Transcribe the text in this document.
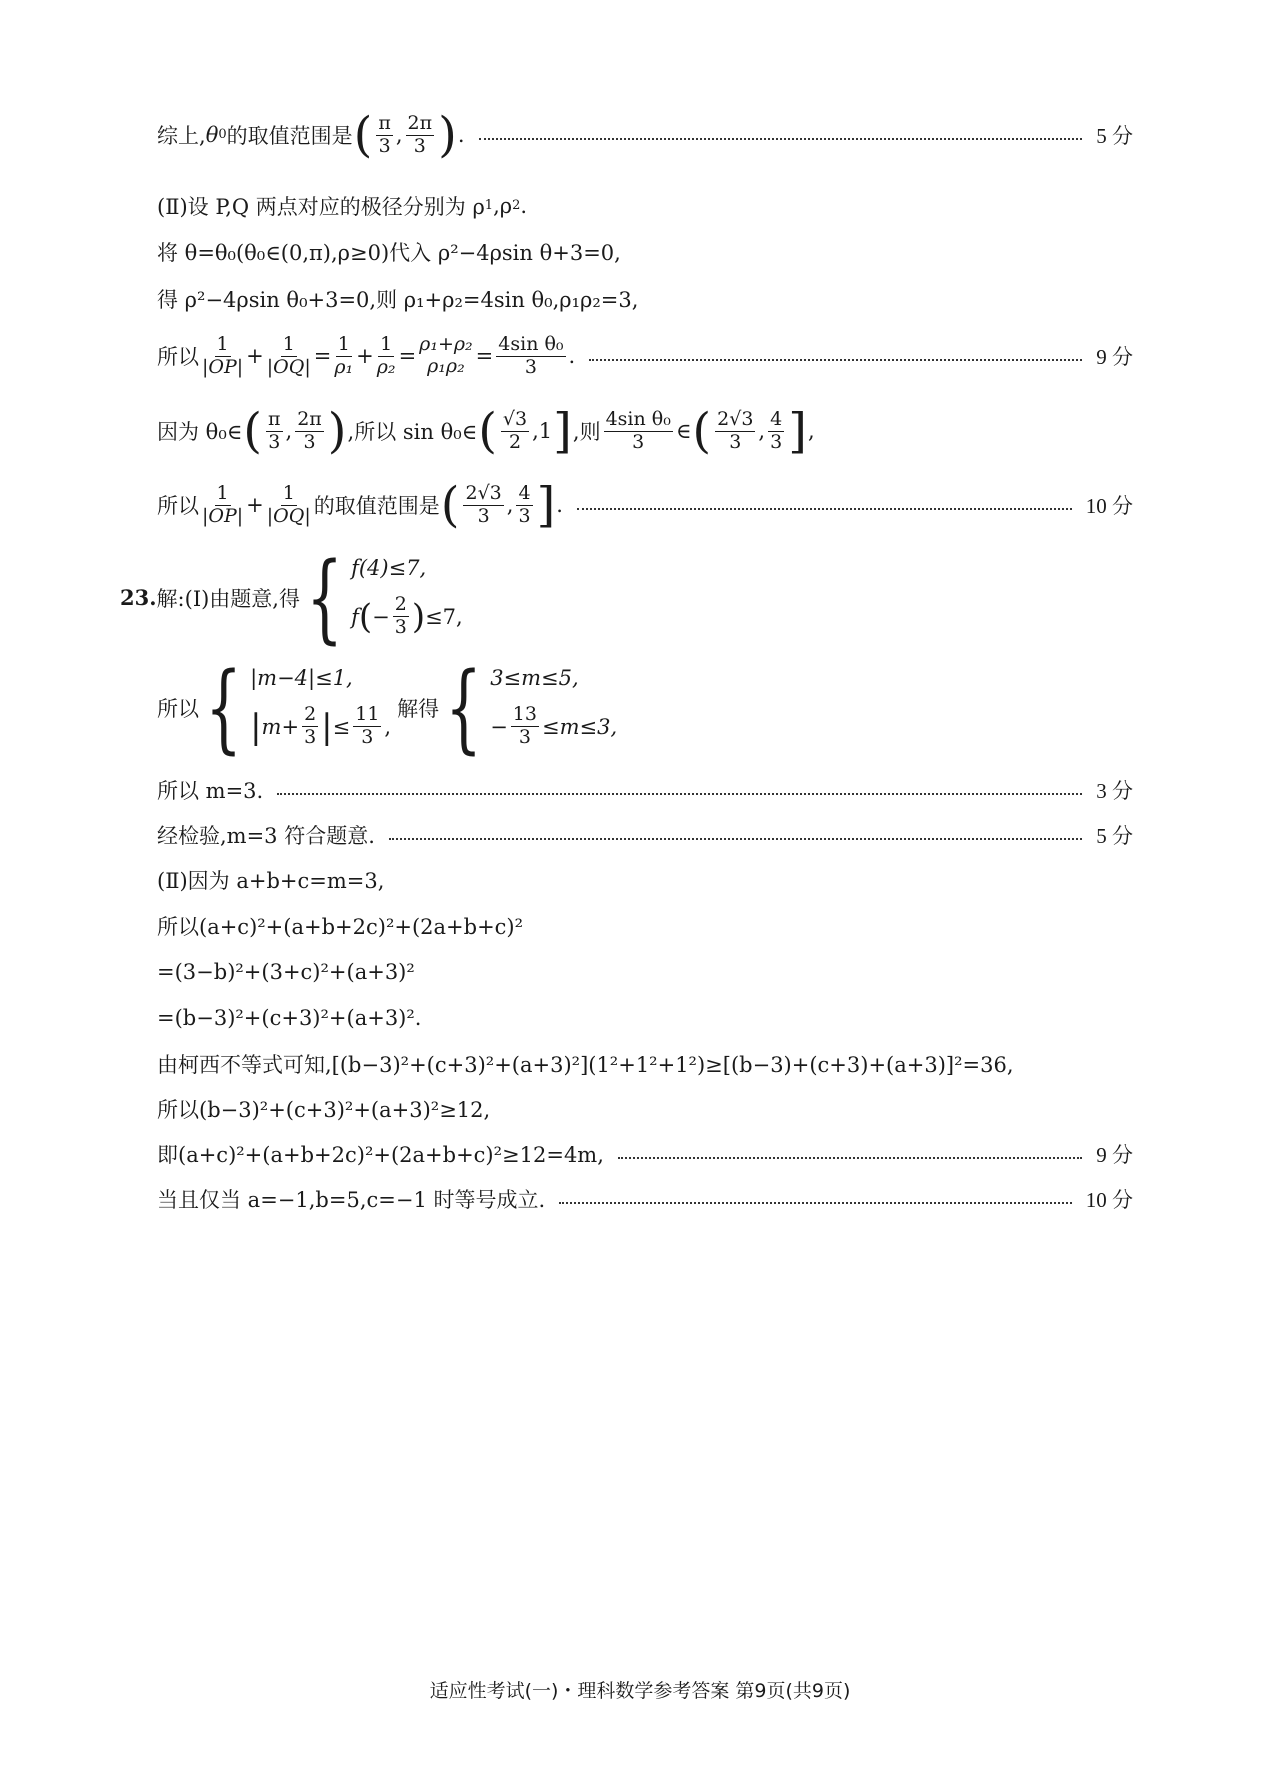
综上, θ 0 的取值范围是 ( $\frac{\pi}{3}$ , $\frac{2\pi}{3}$ ) .	5 分
(Ⅱ)设 P,Q 两点对应的极径分别为 ρ 1 ,ρ 2 .
将 θ=θ₀(θ₀∈(0,π),ρ≥0)代入 ρ²−4ρsin θ+3=0,
得 ρ²−4ρsin θ₀+3=0,则 ρ₁+ρ₂=4sin θ₀,ρ₁ρ₂=3,
所以 $\frac{1}{|OP|} + \frac{1}{|OQ|} = \frac{1}{\text{ρ₁}} + \frac{1}{\text{ρ₂}} = \rho_1+\rho_2$
$\rho_1\rho_2 = \frac{\text{4sin θ₀}}{3}$ .	9 分
因为 θ₀∈ ( $\frac{\pi}{3}$ , $\frac{2\pi}{3}$ ) ,所以 sin θ₀∈ ( $\frac{√3}{2} ,1$ ] ,则 $\frac{\text{4sin θ₀}}{3}$ ∈ ( $\frac{2√3}{3}$ , $\frac{4}{3}$ ] ,
所以 $\frac{1}{|OP|} + \frac{1}{|OQ|}$ 的取值范围是 ( $\frac{2√3}{3}$ , $\frac{4}{3}$ ] .	10 分
23. 解:(Ⅰ)由题意,得 { f(4)≤7,
f ( − $\frac{2}{3}$ ) ≤7,
所以 { |m−4|≤1,
| $m+ \frac{2}{3}$ | ≤ $\frac{11}{3}$ ,
解得 { 3≤m≤5,
− $\frac{13}{3} \le m\le 3$,
所以 m=3.	3 分
经检验,m=3 符合题意.	5 分
(Ⅱ)因为 a+b+c=m=3,
所以(a+c)²+(a+b+2c)²+(2a+b+c)²
=(3−b)²+(3+c)²+(a+3)²
=(b−3)²+(c+3)²+(a+3)².
由柯西不等式可知,[(b−3)²+(c+3)²+(a+3)²](1²+1²+1²)≥[(b−3)+(c+3)+(a+3)]²=36,
所以(b−3)²+(c+3)²+(a+3)²≥12,
即(a+c)²+(a+b+2c)²+(2a+b+c)²≥12=4m,	9 分
当且仅当 a=−1,b=5,c=−1 时等号成立.	10 分
适应性考试(一)・理科数学参考答案 第9页(共9页)
